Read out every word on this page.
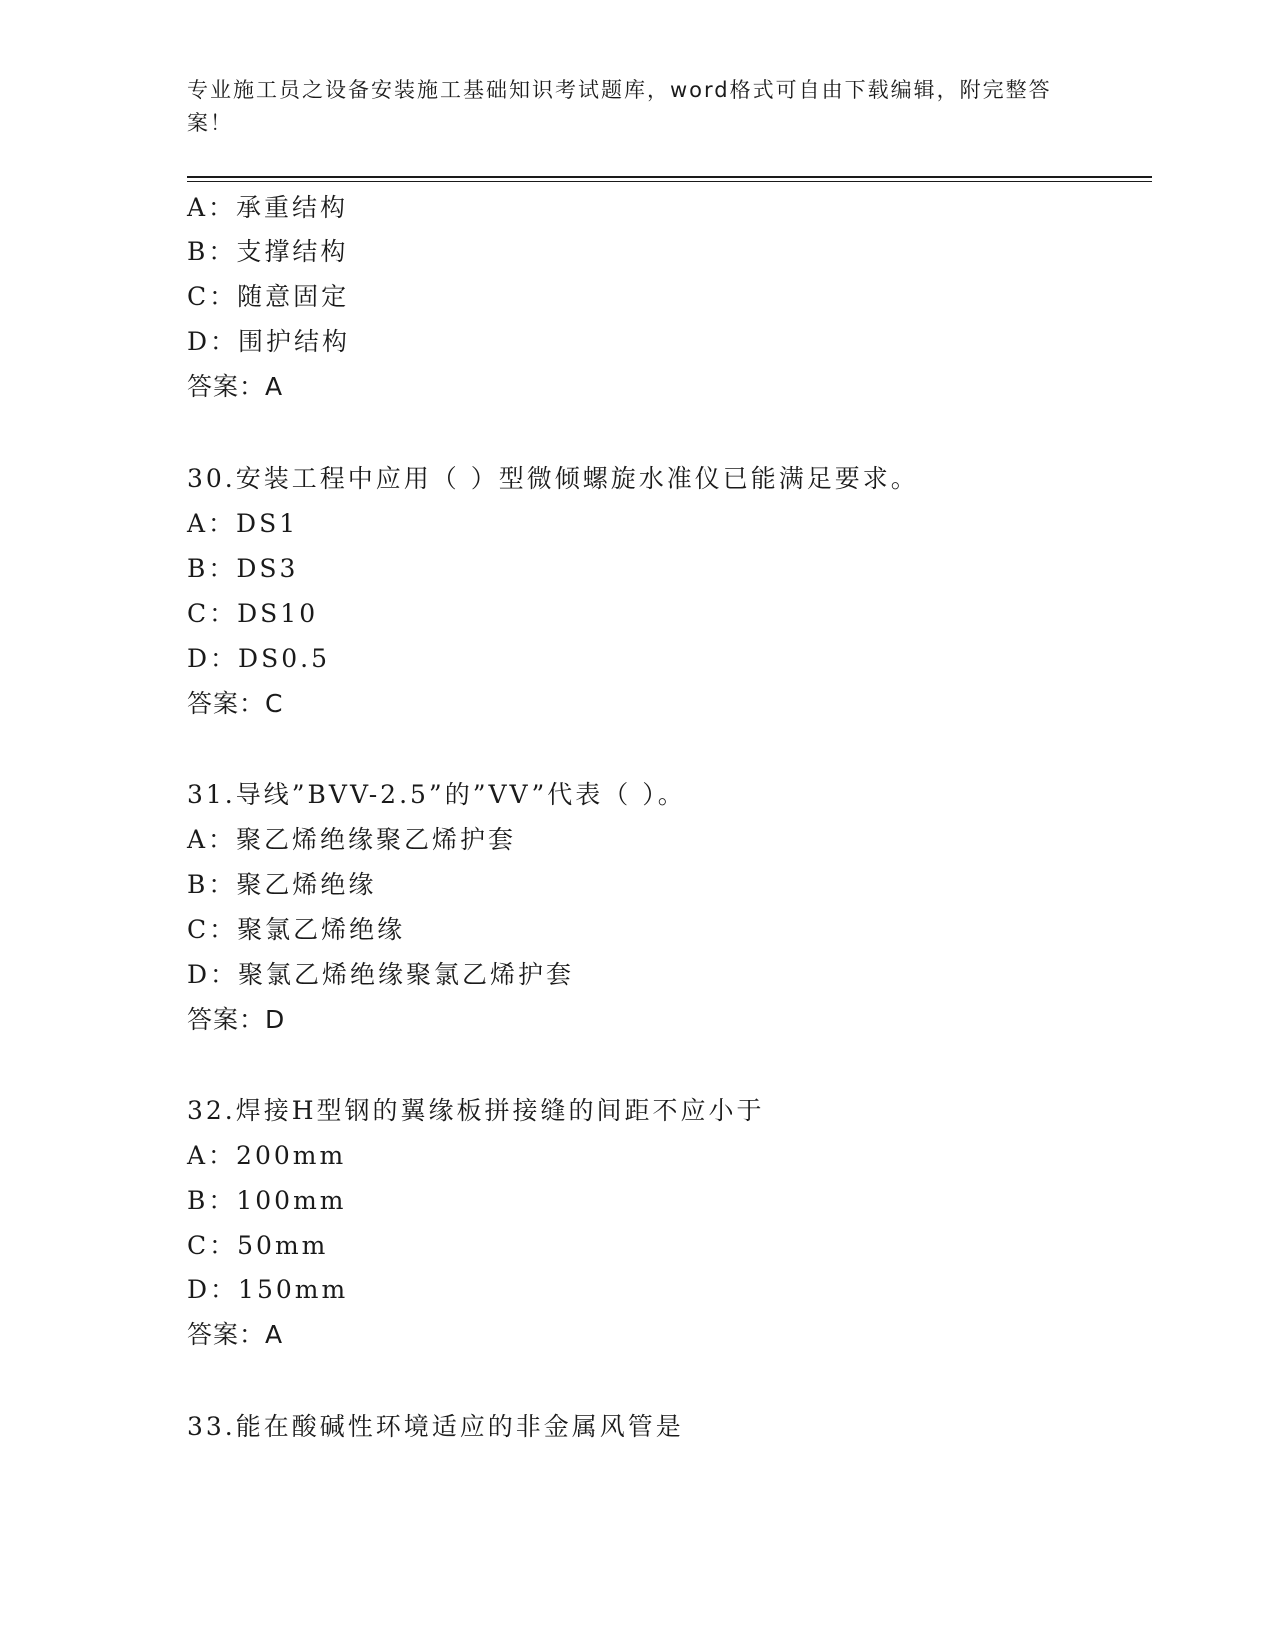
专业施工员之设备安装施工基础知识考试题库，word格式可自由下载编辑，附完整答案！
A：承重结构
B：支撑结构
C：随意固定
D：围护结构
答案：A
30.安装工程中应用（ ）型微倾螺旋水准仪已能满足要求。
A：DS1
B：DS3
C：DS10
D：DS0.5
答案：C
31.导线”BVV-2.5”的”VV”代表（ ）。
A：聚乙烯绝缘聚乙烯护套
B：聚乙烯绝缘
C：聚氯乙烯绝缘
D：聚氯乙烯绝缘聚氯乙烯护套
答案：D
32.焊接H型钢的翼缘板拼接缝的间距不应小于
A：200mm
B：100mm
C：50mm
D：150mm
答案：A
33.能在酸碱性环境适应的非金属风管是
